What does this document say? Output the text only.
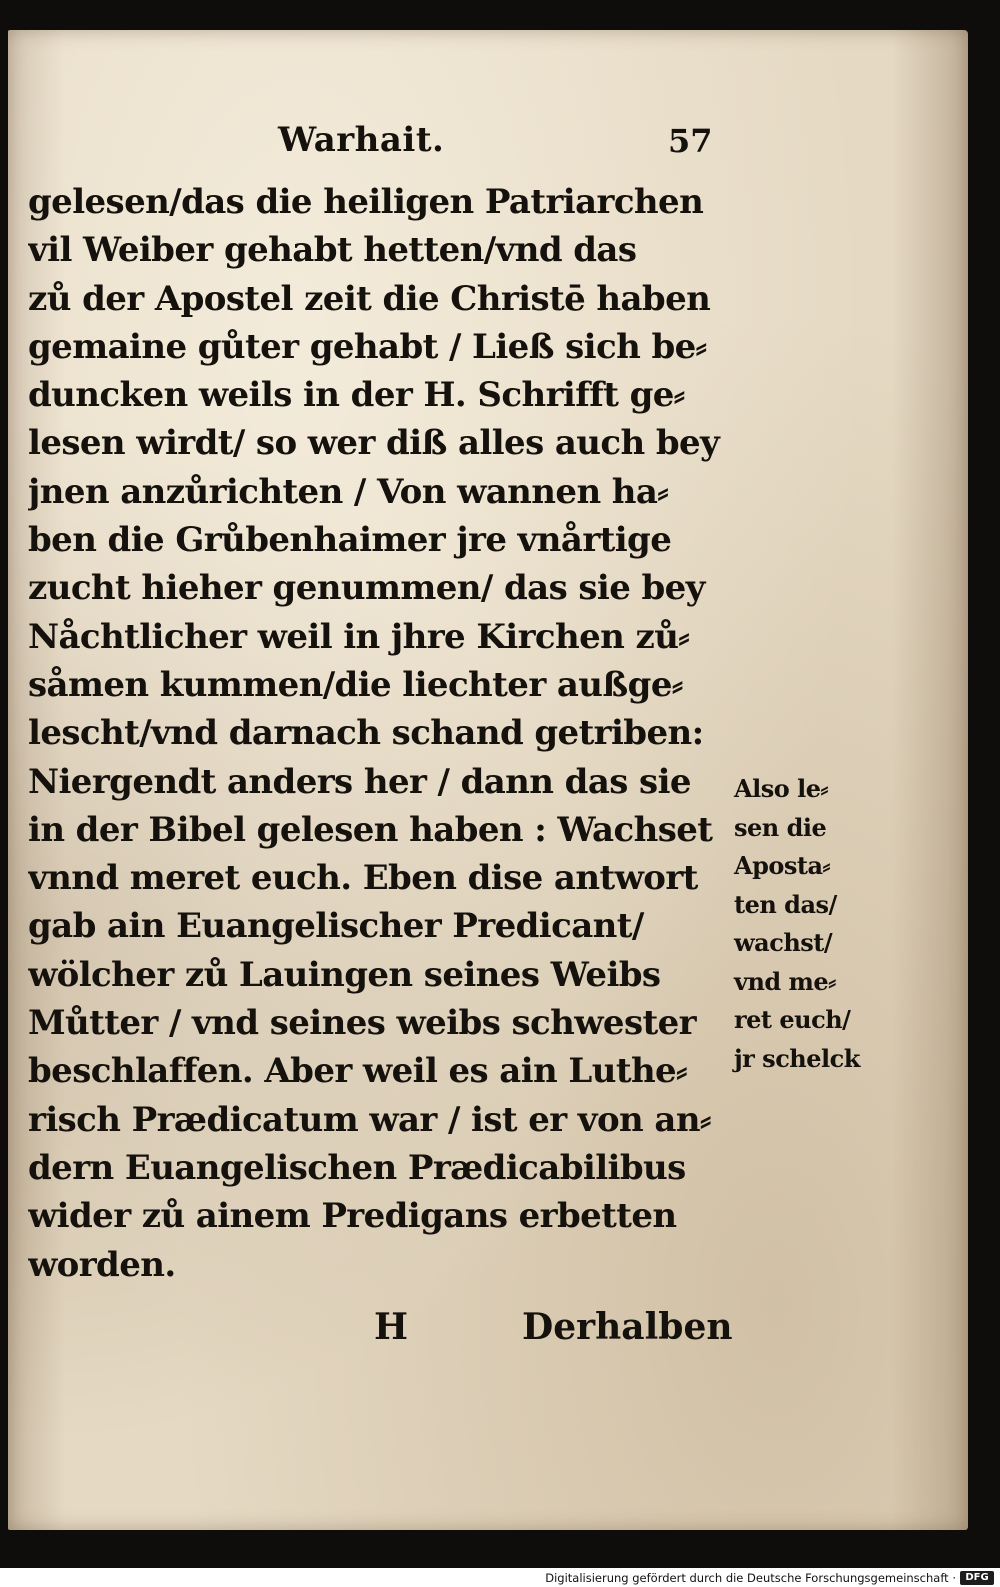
Warhait.	57
gelesen/das die heiligen Patriarchen
vil Weiber gehabt hetten/vnd das
zů der Apostel zeit die Christē haben
gemaine gůter gehabt / Ließ sich be⸗
duncken weils in der H. Schrifft ge⸗
lesen wirdt/ so wer diß alles auch bey
jnen anzůrichten / Von wannen ha⸗
ben die Grůbenhaimer jre vnårtige
zucht hieher genummen/ das sie bey
Nåchtlicher weil in jhre Kirchen zů⸗
såmen kummen/die liechter außge⸗
lescht/vnd darnach schand getriben:
Niergendt anders her / dann das sie
in der Bibel gelesen haben : Wachset
vnnd meret euch. Eben dise antwort
gab ain Euangelischer Predicant/
wölcher zů Lauingen seines Weibs
Můtter / vnd seines weibs schwester
beschlaffen. Aber weil es ain Luthe⸗
risch Prædicatum war / ist er von an⸗
dern Euangelischen Prædicabilibus
wider zů ainem Predigans erbetten
worden.
Also le⸗
sen die
Aposta⸗
ten das/
wachst/
vnd me⸗
ret euch/
jr schelck
H	Derhalben
Digitalisierung gefördert durch die Deutsche Forschungsgemeinschaft · DFG
